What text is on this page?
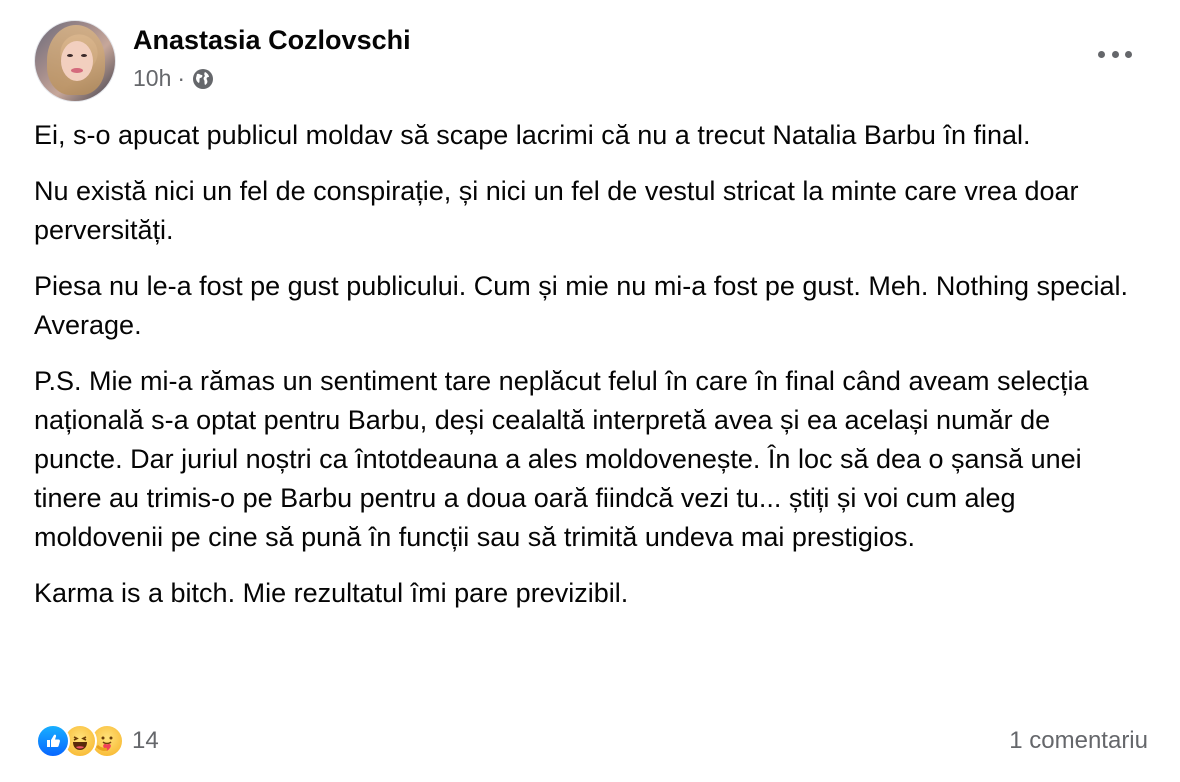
Anastasia Cozlovschi
10h ·

Ei, s-o apucat publicul moldav să scape lacrimi că nu a trecut Natalia Barbu în final.

Nu există nici un fel de conspirație, și nici un fel de vestul stricat la minte care vrea doar perversități.

Piesa nu le-a fost pe gust publicului. Cum și mie nu mi-a fost pe gust. Meh. Nothing special. Average.

P.S. Mie mi-a rămas un sentiment tare neplăcut felul în care în final când aveam selecția națională s-a optat pentru Barbu, deși cealaltă interpretă avea și ea același număr de puncte. Dar juriul noștri ca întotdeauna a ales moldovenește. În loc să dea o șansă unei tinere au trimis-o pe Barbu pentru a doua oară fiindcă vezi tu... știți și voi cum aleg moldovenii pe cine să pună în funcții sau să trimită undeva mai prestigios.

Karma is a bitch. Mie rezultatul îmi pare previzibil.

14	1 comentariu
